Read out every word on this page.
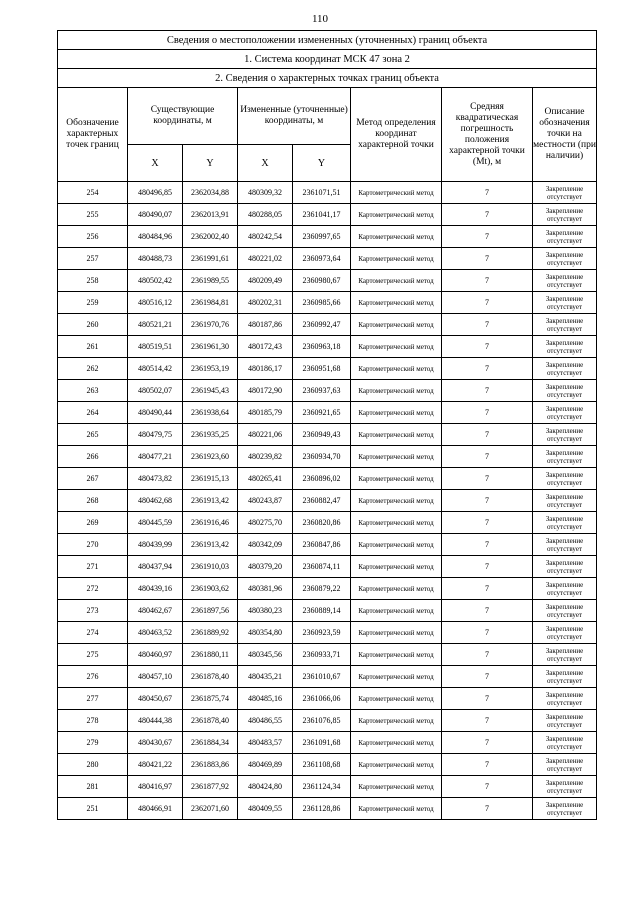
110
Сведения о местоположении измененных (уточненных) границ объекта							
1. Система координат МСК 47 зона 2							
2. Сведения о характерных точках границ объекта							
Обозначение характерных точек границ	Существующие координаты, м		Измененные (уточненные) координаты, м		Метод определения координат характерной точки	Средняя квадратическая погрешность положения характерной точки (Mt), м	Описание обозначения точки на местности (при наличии)
	X	Y	X	Y			
254	480496,85	2362034,88	480309,32	2361071,51	Картометрический метод	7	Закрепление отсутствует
255	480490,07	2362013,91	480288,05	2361041,17	Картометрический метод	7	Закрепление отсутствует
256	480484,96	2362002,40	480242,54	2360997,65	Картометрический метод	7	Закрепление отсутствует
257	480488,73	2361991,61	480221,02	2360973,64	Картометрический метод	7	Закрепление отсутствует
258	480502,42	2361989,55	480209,49	2360980,67	Картометрический метод	7	Закрепление отсутствует
259	480516,12	2361984,81	480202,31	2360985,66	Картометрический метод	7	Закрепление отсутствует
260	480521,21	2361970,76	480187,86	2360992,47	Картометрический метод	7	Закрепление отсутствует
261	480519,51	2361961,30	480172,43	2360963,18	Картометрический метод	7	Закрепление отсутствует
262	480514,42	2361953,19	480186,17	2360951,68	Картометрический метод	7	Закрепление отсутствует
263	480502,07	2361945,43	480172,90	2360937,63	Картометрический метод	7	Закрепление отсутствует
264	480490,44	2361938,64	480185,79	2360921,65	Картометрический метод	7	Закрепление отсутствует
265	480479,75	2361935,25	480221,06	2360949,43	Картометрический метод	7	Закрепление отсутствует
266	480477,21	2361923,60	480239,82	2360934,70	Картометрический метод	7	Закрепление отсутствует
267	480473,82	2361915,13	480265,41	2360896,02	Картометрический метод	7	Закрепление отсутствует
268	480462,68	2361913,42	480243,87	2360882,47	Картометрический метод	7	Закрепление отсутствует
269	480445,59	2361916,46	480275,70	2360820,86	Картометрический метод	7	Закрепление отсутствует
270	480439,99	2361913,42	480342,09	2360847,86	Картометрический метод	7	Закрепление отсутствует
271	480437,94	2361910,03	480379,20	2360874,11	Картометрический метод	7	Закрепление отсутствует
272	480439,16	2361903,62	480381,96	2360879,22	Картометрический метод	7	Закрепление отсутствует
273	480462,67	2361897,56	480380,23	2360889,14	Картометрический метод	7	Закрепление отсутствует
274	480463,52	2361889,92	480354,80	2360923,59	Картометрический метод	7	Закрепление отсутствует
275	480460,97	2361880,11	480345,56	2360933,71	Картометрический метод	7	Закрепление отсутствует
276	480457,10	2361878,40	480435,21	2361010,67	Картометрический метод	7	Закрепление отсутствует
277	480450,67	2361875,74	480485,16	2361066,06	Картометрический метод	7	Закрепление отсутствует
278	480444,38	2361878,40	480486,55	2361076,85	Картометрический метод	7	Закрепление отсутствует
279	480430,67	2361884,34	480483,57	2361091,68	Картометрический метод	7	Закрепление отсутствует
280	480421,22	2361883,86	480469,89	2361108,68	Картометрический метод	7	Закрепление отсутствует
281	480416,97	2361877,92	480424,80	2361124,34	Картометрический метод	7	Закрепление отсутствует
251	480466,91	2362071,60	480409,55	2361128,86	Картометрический метод	7	Закрепление отсутствует
